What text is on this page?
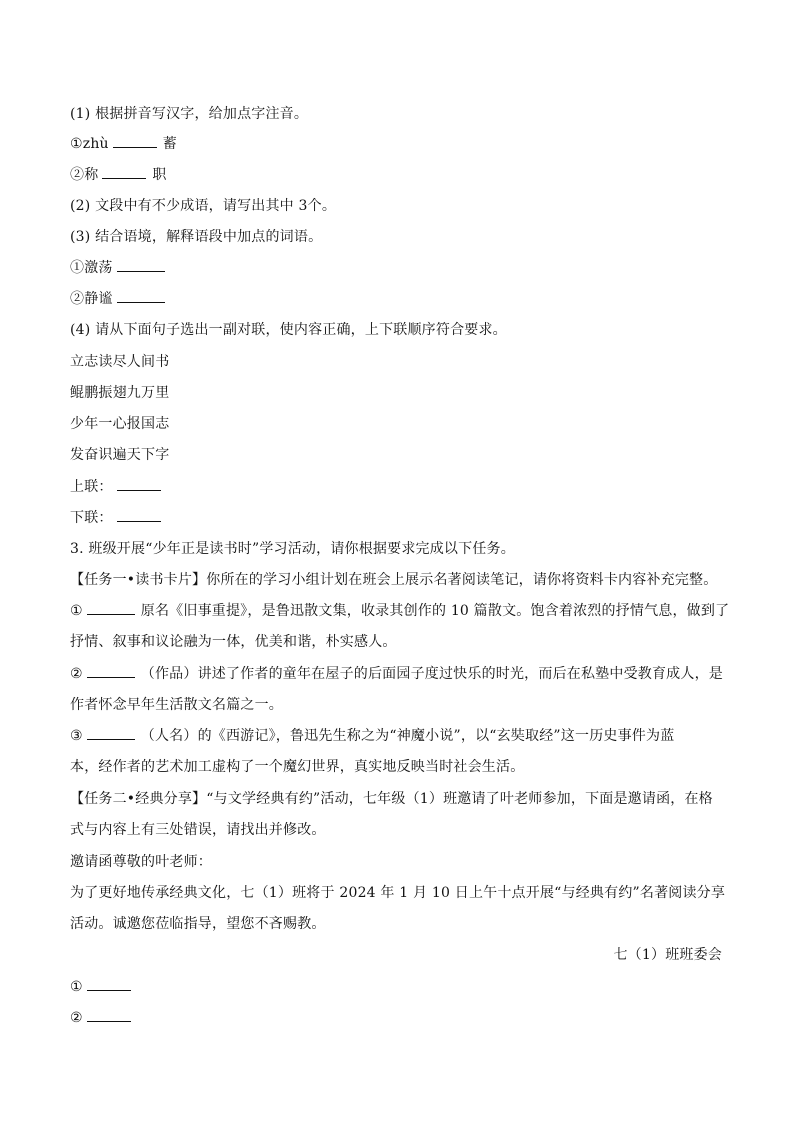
(1) 根据拼音写汉字，给加点字注音。
①zhù	蓄
②称	职
(2) 文段中有不少成语，请写出其中 3个。
(3) 结合语境，解释语段中加点的词语。
①激荡
②静谧
(4) 请从下面句子选出一副对联，使内容正确，上下联顺序符合要求。
立志读尽人间书
鲲鹏振翅九万里
少年一心报国志
发奋识遍天下字
上联：
下联：
3. 班级开展“少年正是读书时”学习活动，请你根据要求完成以下任务。
【任务一•读书卡片】你所在的学习小组计划在班会上展示名著阅读笔记，请你将资料卡内容补充完整。
①	原名《旧事重提》，是鲁迅散文集，收录其创作的 10 篇散文。饱含着浓烈的抒情气息，做到了
抒情、叙事和议论融为一体，优美和谐，朴实感人。
②	（作品）讲述了作者的童年在屋子的后面园子度过快乐的时光，而后在私塾中受教育成人，是
作者怀念早年生活散文名篇之一。
③	（人名）的《西游记》，鲁迅先生称之为“神魔小说”，以“玄奘取经”这一历史事件为蓝
本，经作者的艺术加工虚构了一个魔幻世界，真实地反映当时社会生活。
【任务二•经典分享】“与文学经典有约”活动，七年级（1）班邀请了叶老师参加，下面是邀请函，在格
式与内容上有三处错误，请找出并修改。
邀请函尊敬的叶老师：
为了更好地传承经典文化，七（1）班将于 2024 年 1 月 10 日上午十点开展“与经典有约”名著阅读分享
活动。诚邀您莅临指导，望您不吝赐教。
七（1）班班委会
①
②
